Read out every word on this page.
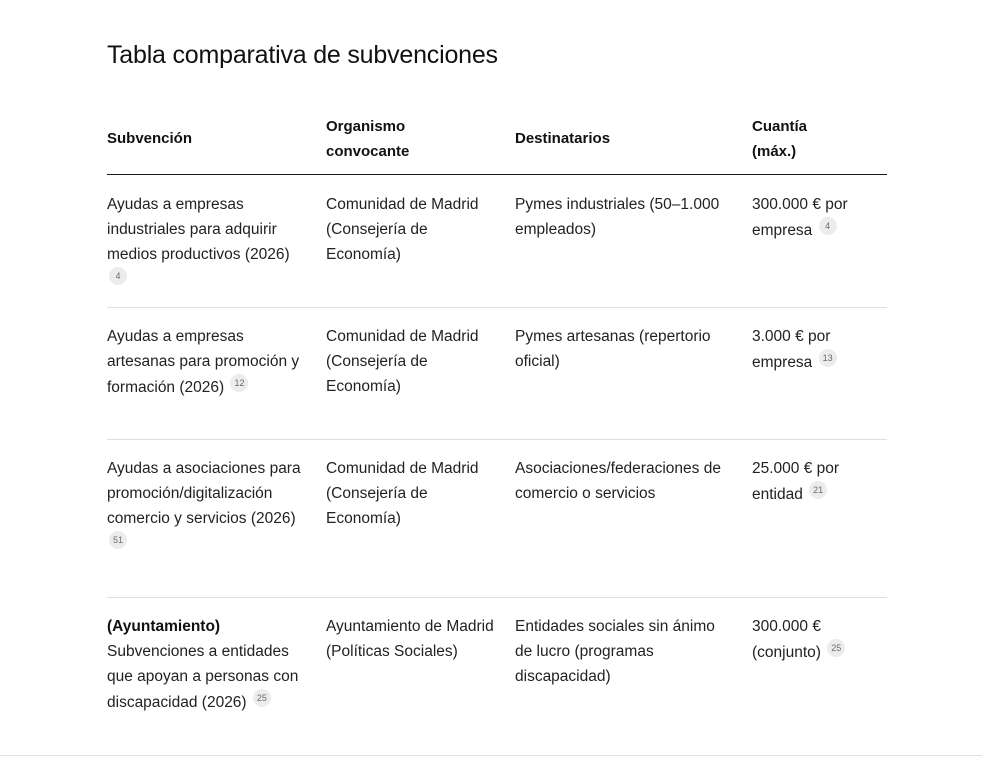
Tabla comparativa de subvenciones
Subvención
Organismo
convocante
Destinatarios
Cuantía
(máx.)
Ayudas a empresas industriales para adquirir medios productivos (2026) 4
Comunidad de Madrid (Consejería de Economía)
Pymes industriales (50–1.000 empleados)
300.000 € por empresa 4
Ayudas a empresas artesanas para promoción y formación (2026) 12
Comunidad de Madrid (Consejería de Economía)
Pymes artesanas (repertorio oficial)
3.000 € por empresa 13
Ayudas a asociaciones para promoción/digitalización comercio y servicios (2026) 51
Comunidad de Madrid (Consejería de Economía)
Asociaciones/federaciones de comercio o servicios
25.000 € por entidad 21
(Ayuntamiento)
Subvenciones a entidades que apoyan a personas con discapacidad (2026) 25
Ayuntamiento de Madrid (Políticas Sociales)
Entidades sociales sin ánimo de lucro (programas discapacidad)
300.000 € (conjunto) 25
